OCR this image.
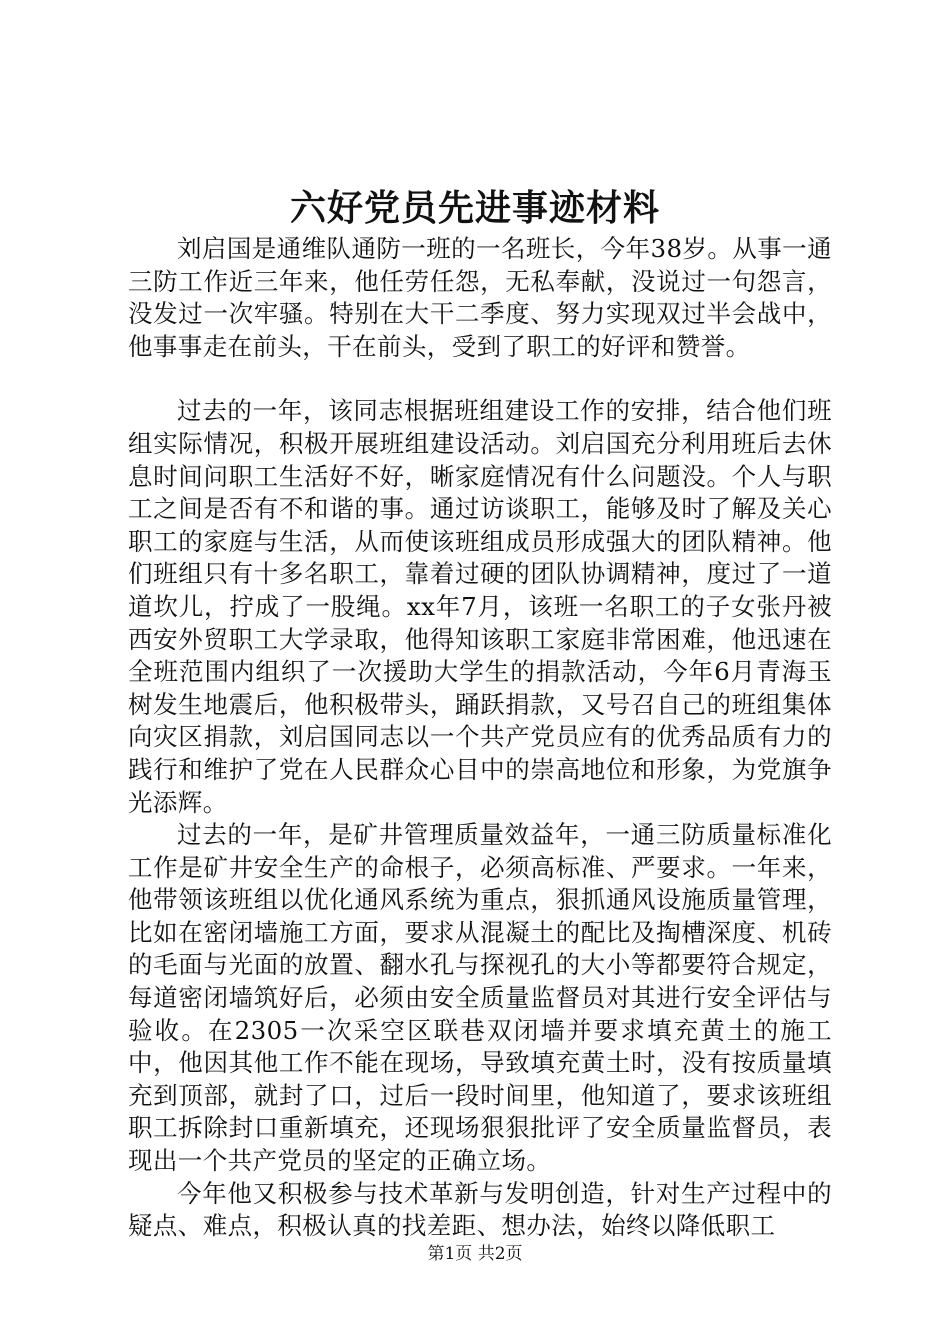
六好党员先进事迹材料

刘启国是通维队通防一班的一名班长，今年38岁。从事一通三防工作近三年来，他任劳任怨，无私奉献，没说过一句怨言，没发过一次牢骚。特别在大干二季度、努力实现双过半会战中，他事事走在前头，干在前头，受到了职工的好评和赞誉。

过去的一年，该同志根据班组建设工作的安排，结合他们班组实际情况，积极开展班组建设活动。刘启国充分利用班后去休息时间问职工生活好不好，晰家庭情况有什么问题没。个人与职工之间是否有不和谐的事。通过访谈职工，能够及时了解及关心职工的家庭与生活，从而使该班组成员形成强大的团队精神。他们班组只有十多名职工，靠着过硬的团队协调精神，度过了一道道坎儿，拧成了一股绳。xx年7月，该班一名职工的子女张丹被西安外贸职工大学录取，他得知该职工家庭非常困难，他迅速在全班范围内组织了一次援助大学生的捐款活动，今年6月青海玉树发生地震后，他积极带头，踊跃捐款，又号召自己的班组集体向灾区捐款，刘启国同志以一个共产党员应有的优秀品质有力的践行和维护了党在人民群众心目中的崇高地位和形象，为党旗争光添辉。

过去的一年，是矿井管理质量效益年，一通三防质量标准化工作是矿井安全生产的命根子，必须高标准、严要求。一年来，他带领该班组以优化通风系统为重点，狠抓通风设施质量管理，比如在密闭墙施工方面，要求从混凝土的配比及掏槽深度、机砖的毛面与光面的放置、翻水孔与探视孔的大小等都要符合规定，每道密闭墙筑好后，必须由安全质量监督员对其进行安全评估与验收。在2305一次采空区联巷双闭墙并要求填充黄土的施工中，他因其他工作不能在现场，导致填充黄土时，没有按质量填充到顶部，就封了口，过后一段时间里，他知道了，要求该班组职工拆除封口重新填充，还现场狠狠批评了安全质量监督员，表现出一个共产党员的坚定的正确立场。

今年他又积极参与技术革新与发明创造，针对生产过程中的疑点、难点，积极认真的找差距、想办法，始终以降低职工

第1页 共2页
